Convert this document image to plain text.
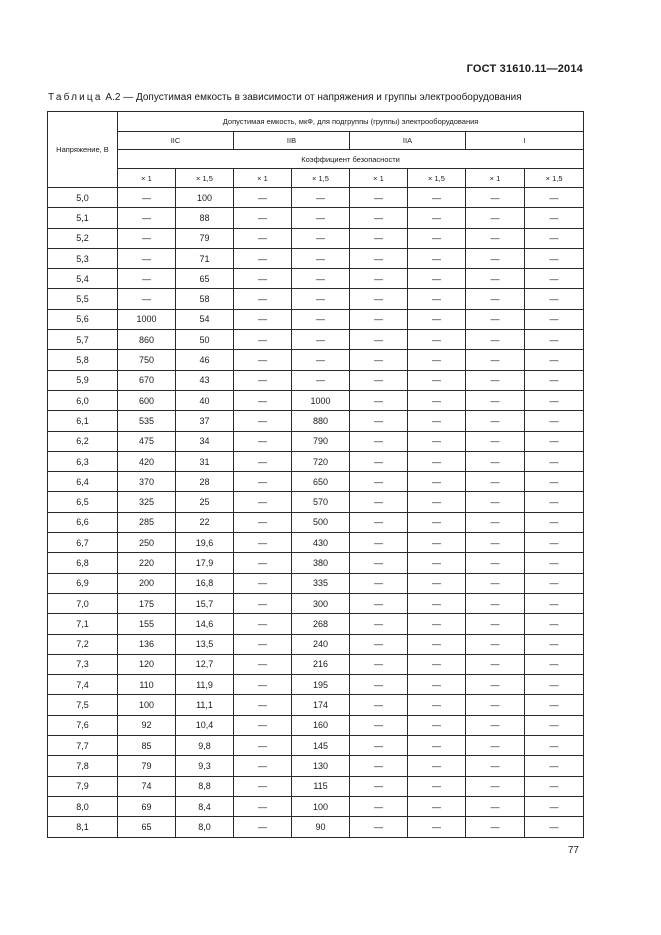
ГОСТ 31610.11—2014
Таблица А.2 — Допустимая емкость в зависимости от напряжения и группы электрооборудования
Напряжение, В	Допустимая емкость, мкФ, для подгруппы (группы) электрооборудования							
	IIC		IIB		IIA		I	
	Коэффициент безопасности							
	× 1	× 1,5	× 1	× 1,5	× 1	× 1,5	× 1	× 1,5
5,0	—	100	—	—	—	—	—	—
5,1	—	88	—	—	—	—	—	—
5,2	—	79	—	—	—	—	—	—
5,3	—	71	—	—	—	—	—	—
5,4	—	65	—	—	—	—	—	—
5,5	—	58	—	—	—	—	—	—
5,6	1000	54	—	—	—	—	—	—
5,7	860	50	—	—	—	—	—	—
5,8	750	46	—	—	—	—	—	—
5,9	670	43	—	—	—	—	—	—
6,0	600	40	—	1000	—	—	—	—
6,1	535	37	—	880	—	—	—	—
6,2	475	34	—	790	—	—	—	—
6,3	420	31	—	720	—	—	—	—
6,4	370	28	—	650	—	—	—	—
6,5	325	25	—	570	—	—	—	—
6,6	285	22	—	500	—	—	—	—
6,7	250	19,6	—	430	—	—	—	—
6,8	220	17,9	—	380	—	—	—	—
6,9	200	16,8	—	335	—	—	—	—
7,0	175	15,7	—	300	—	—	—	—
7,1	155	14,6	—	268	—	—	—	—
7,2	136	13,5	—	240	—	—	—	—
7,3	120	12,7	—	216	—	—	—	—
7,4	110	11,9	—	195	—	—	—	—
7,5	100	11,1	—	174	—	—	—	—
7,6	92	10,4	—	160	—	—	—	—
7,7	85	9,8	—	145	—	—	—	—
7,8	79	9,3	—	130	—	—	—	—
7,9	74	8,8	—	115	—	—	—	—
8,0	69	8,4	—	100	—	—	—	—
8,1	65	8,0	—	90	—	—	—	—
77
